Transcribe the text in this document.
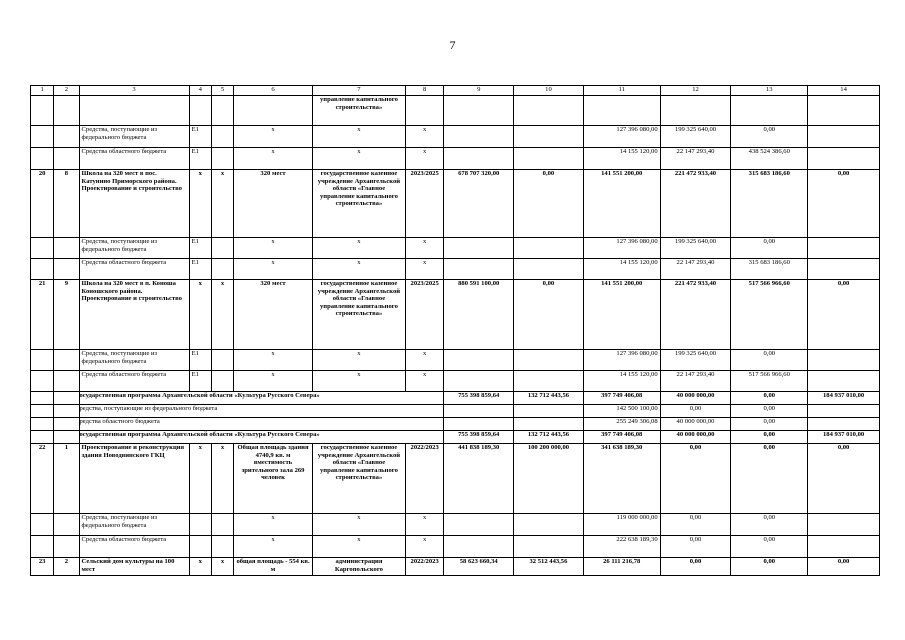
7
1	2	3	4	5	6	7	8	9	10	11	12	13	14
						управление капитального строительства»							
		Средства, поступающие из федерального бюджета	E1		х	х	х			127 396 080,00	199 325 640,00	0,00	
		Средства областного бюджета	E1		х	х	х			14 155 120,00	22 147 293,40	438 524 386,60	
20	8	Школа на 320 мест в пос. Катунино Приморского района. Проектирование и строительство	х	х	320 мест	государственное казенное учреждение Архангельской области «Главное управление капитального строительства»	2023/2025	678 707 320,00	0,00	141 551 200,00	221 472 933,40	315 683 186,60	0,00
		Средства, поступающие из федерального бюджета	E1		х	х	х			127 396 080,00	199 325 640,00	0,00	
		Средства областного бюджета	E1		х	х	х			14 155 120,00	22 147 293,40	315 683 186,60	
21	9	Школа на 320 мест в п. Коноша Коношского района. Проектирование и строительство	х	х	320 мест	государственное казенное учреждение Архангельской области «Главное управление капитального строительства»	2023/2025	880 591 100,00	0,00	141 551 200,00	221 472 933,40	517 566 966,60	0,00
		Средства, поступающие из федерального бюджета	E1		х	х	х			127 396 080,00	199 325 640,00	0,00	
		Средства областного бюджета	E1		х	х	х			14 155 120,00	22 147 293,40	517 566 966,60	
		осударственная программа Архангельской области «Культура Русского Севера»						755 398 859,64	132 712 443,56	397 749 406,08	40 000 000,00	0,00	184 937 010,00
		редства, поступающие из федерального бюджета								142 500 100,00	0,00	0,00	
		редства областного бюджета								255 249 306,08	40 000 000,00	0,00	
		осударственная программа Архангельской области «Культура Русского Севера»						755 398 859,64	132 712 443,56	397 749 406,08	40 000 000,00	0,00	184 937 010,00
22	1	Проектирование и реконструкция здания Новодвинского ГКЦ	х	х	Общая площадь здания 4740,9 кв. м вместимость зрительного зала 269 человек	государственное казенное учреждение Архангельской области «Главное управление капитального строительства»	2022/2023	441 838 189,30	100 200 000,00	341 638 189,30	0,00	0,00	0,00
		Средства, поступающие из федерального бюджета			х	х	х			119 000 000,00	0,00	0,00	
		Средства областного бюджета			х	х	х			222 638 189,30	0,00	0,00	
23	2	Сельский дом культуры на 100 мест	х	х	общая площадь - 554 кв. м	администрация Каргопольского	2022/2023	58 623 660,34	32 512 443,56	26 111 216,78	0,00	0,00	0,00
